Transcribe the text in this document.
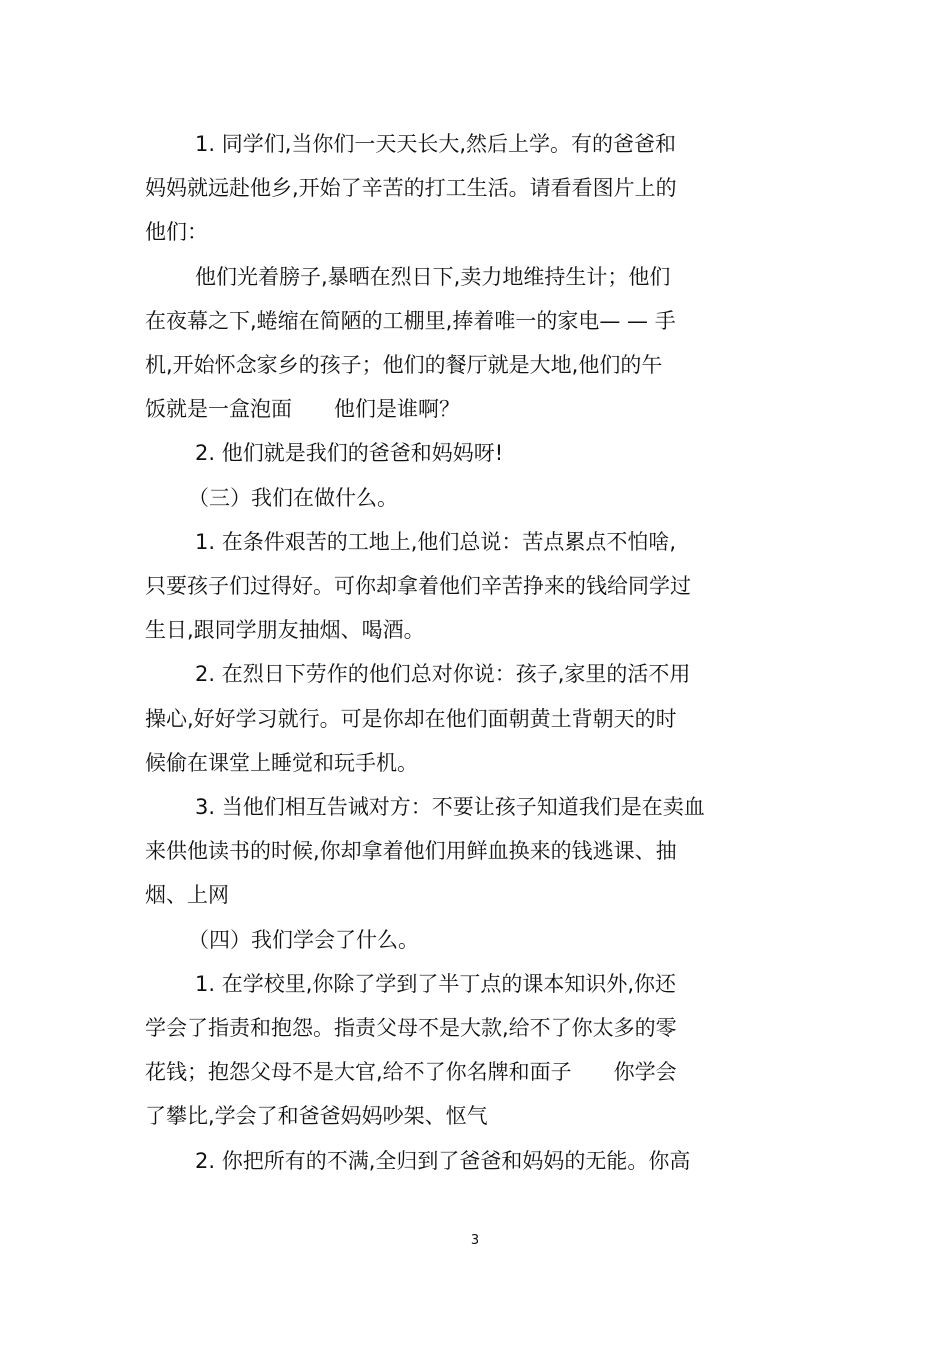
1. 同学们,当你们一天天长大,然后上学。有的爸爸和
妈妈就远赴他乡,开始了辛苦的打工生活。请看看图片上的
他们：
他们光着膀子,暴晒在烈日下,卖力地维持生计；他们
在夜幕之下,蜷缩在简陋的工棚里,捧着唯一的家电— — 手
机,开始怀念家乡的孩子；他们的餐厅就是大地,他们的午
饭就是一盒泡面　　他们是谁啊？
2. 他们就是我们的爸爸和妈妈呀!
（三）我们在做什么。
1. 在条件艰苦的工地上,他们总说：苦点累点不怕啥,
只要孩子们过得好。可你却拿着他们辛苦挣来的钱给同学过
生日,跟同学朋友抽烟、喝酒。
2. 在烈日下劳作的他们总对你说：孩子,家里的活不用
操心,好好学习就行。可是你却在他们面朝黄土背朝天的时
候偷在课堂上睡觉和玩手机。
3. 当他们相互告诫对方：不要让孩子知道我们是在卖血
来供他读书的时候,你却拿着他们用鲜血换来的钱逃课、抽
烟、上网
（四）我们学会了什么。
1. 在学校里,你除了学到了半丁点的课本知识外,你还
学会了指责和抱怨。指责父母不是大款,给不了你太多的零
花钱；抱怨父母不是大官,给不了你名牌和面子　　你学会
了攀比,学会了和爸爸妈妈吵架、怄气
2. 你把所有的不满,全归到了爸爸和妈妈的无能。你高
3
